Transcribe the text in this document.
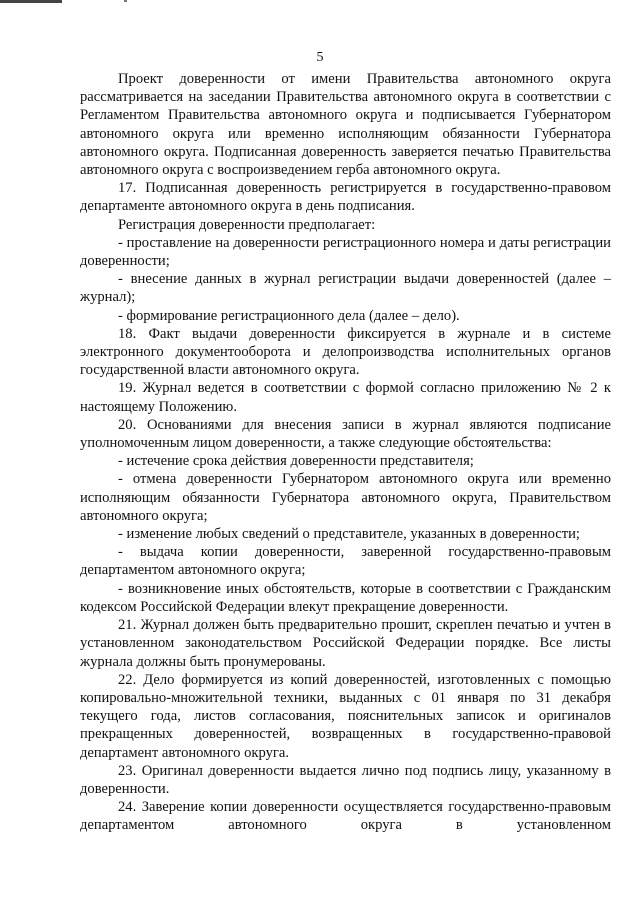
5

Проект доверенности от имени Правительства автономного округа рассматривается на заседании Правительства автономного округа в соответствии с Регламентом Правительства автономного округа и подписывается Губернатором автономного округа или временно исполняющим обязанности Губернатора автономного округа. Подписанная доверенность заверяется печатью Правительства автономного округа с воспроизведением герба автономного округа.

17. Подписанная доверенность регистрируется в государственно-правовом департаменте автономного округа в день подписания.

Регистрация доверенности предполагает:

- проставление на доверенности регистрационного номера и даты регистрации доверенности;

- внесение данных в журнал регистрации выдачи доверенностей (далее – журнал);

- формирование регистрационного дела (далее – дело).

18. Факт выдачи доверенности фиксируется в журнале и в системе электронного документооборота и делопроизводства исполнительных органов государственной власти автономного округа.

19. Журнал ведется в соответствии с формой согласно приложению № 2 к настоящему Положению.

20. Основаниями для внесения записи в журнал являются подписание уполномоченным лицом доверенности, а также следующие обстоятельства:

- истечение срока действия доверенности представителя;

- отмена доверенности Губернатором автономного округа или временно исполняющим обязанности Губернатора автономного округа, Правительством автономного округа;

- изменение любых сведений о представителе, указанных в доверенности;

- выдача копии доверенности, заверенной государственно-правовым департаментом автономного округа;

- возникновение иных обстоятельств, которые в соответствии с Гражданским кодексом Российской Федерации влекут прекращение доверенности.

21. Журнал должен быть предварительно прошит, скреплен печатью и учтен в установленном законодательством Российской Федерации порядке. Все листы журнала должны быть пронумерованы.

22. Дело формируется из копий доверенностей, изготовленных с помощью копировально-множительной техники, выданных с 01 января по 31 декабря текущего года, листов согласования, пояснительных записок и оригиналов прекращенных доверенностей, возвращенных в государственно-правовой департамент автономного округа.

23. Оригинал доверенности выдается лично под подпись лицу, указанному в доверенности.

24. Заверение копии доверенности осуществляется государственно-правовым департаментом автономного округа в установленном
